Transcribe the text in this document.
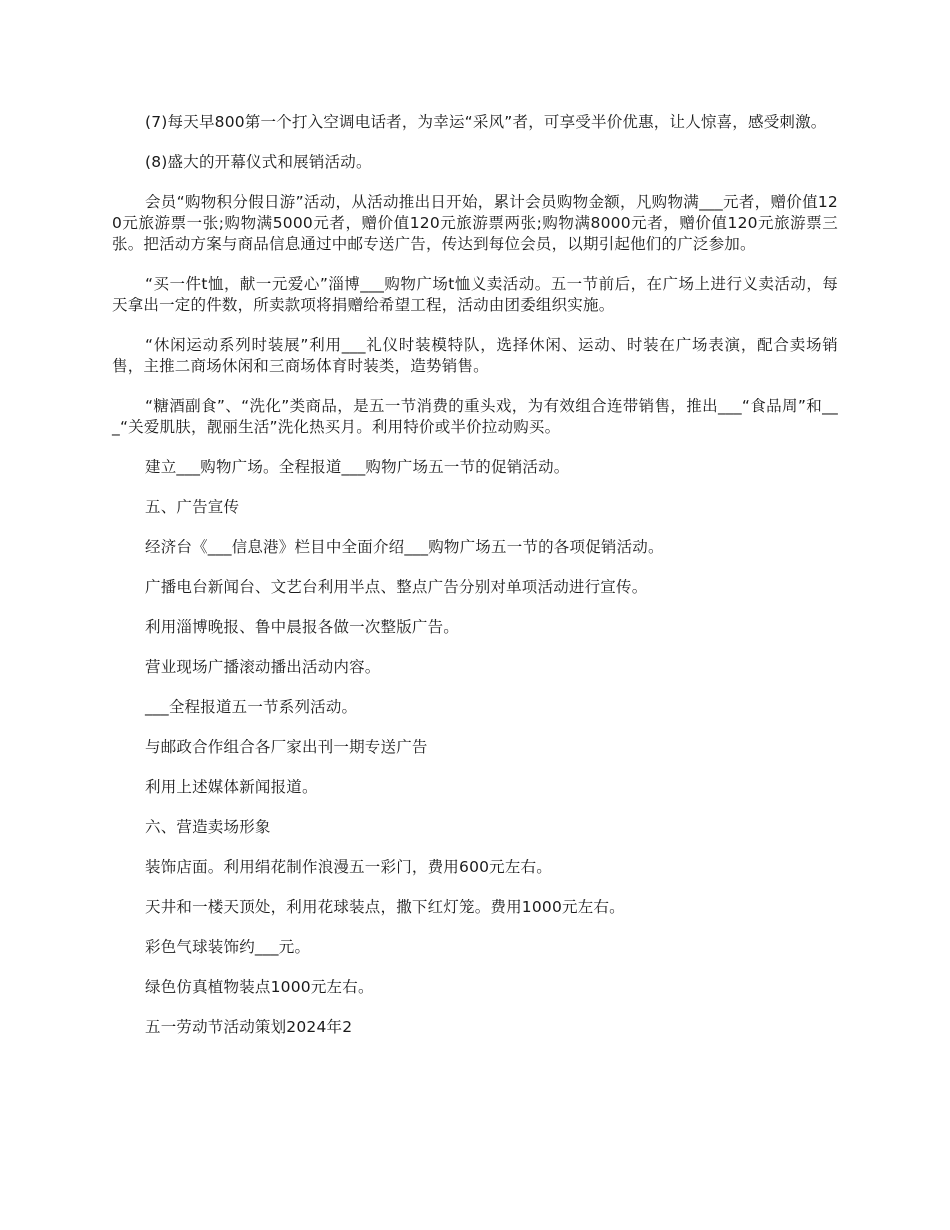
(7)每天早800第一个打入空调电话者，为幸运“采风”者，可享受半价优惠，让人惊喜，感受刺激。

(8)盛大的开幕仪式和展销活动。

会员“购物积分假日游”活动，从活动推出日开始，累计会员购物金额，凡购物满___元者，赠价值120元旅游票一张;购物满5000元者，赠价值120元旅游票两张;购物满8000元者，赠价值120元旅游票三张。把活动方案与商品信息通过中邮专送广告，传达到每位会员，以期引起他们的广泛参加。

“买一件t恤，献一元爱心”淄博___购物广场t恤义卖活动。五一节前后，在广场上进行义卖活动，每天拿出一定的件数，所卖款项将捐赠给希望工程，活动由团委组织实施。

“休闲运动系列时装展”利用___礼仪时装模特队，选择休闲、运动、时装在广场表演，配合卖场销售，主推二商场休闲和三商场体育时装类，造势销售。

“糖酒副食”、“洗化”类商品，是五一节消费的重头戏，为有效组合连带销售，推出___“食品周”和___“关爱肌肤，靓丽生活”洗化热买月。利用特价或半价拉动购买。

建立___购物广场。全程报道___购物广场五一节的促销活动。

五、广告宣传

经济台《___信息港》栏目中全面介绍___购物广场五一节的各项促销活动。

广播电台新闻台、文艺台利用半点、整点广告分别对单项活动进行宣传。

利用淄博晚报、鲁中晨报各做一次整版广告。

营业现场广播滚动播出活动内容。

___全程报道五一节系列活动。

与邮政合作组合各厂家出刊一期专送广告

利用上述媒体新闻报道。

六、营造卖场形象

装饰店面。利用绢花制作浪漫五一彩门，费用600元左右。

天井和一楼天顶处，利用花球装点，撒下红灯笼。费用1000元左右。

彩色气球装饰约___元。

绿色仿真植物装点1000元左右。

五一劳动节活动策划2024年2
